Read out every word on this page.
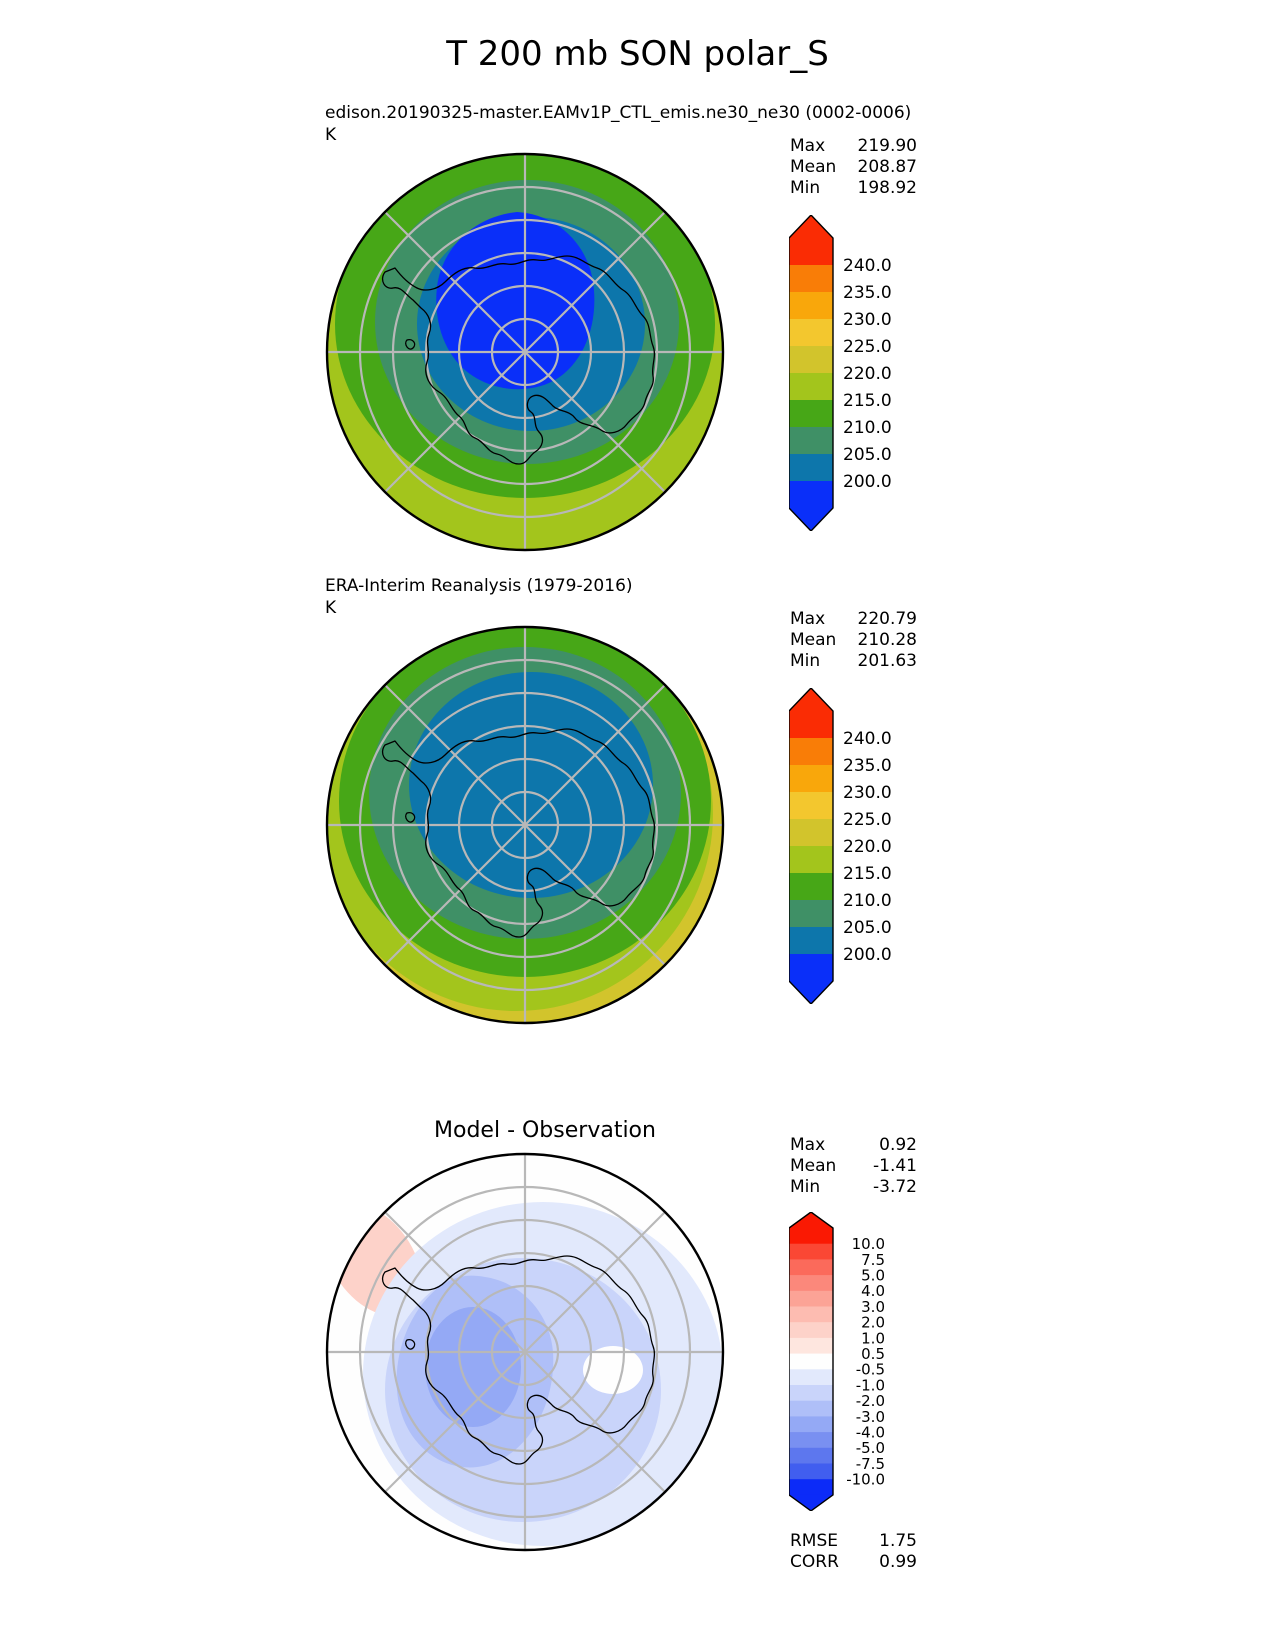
T 200 mb SON polar_S
edison.20190325-master.EAMv1P_CTL_emis.ne30_ne30 (0002-0006)
K
Max 219.90
Mean 208.87
Min 198.92
240.0
235.0
230.0
225.0
220.0
215.0
210.0
205.0
200.0
ERA-Interim Reanalysis (1979-2016)
K
Max 220.79
Mean 210.28
Min 201.63
240.0
235.0
230.0
225.0
220.0
215.0
210.0
205.0
200.0
Model - Observation
Max	0.92
Mean -1.41
Min	-3.72
10.0
7.5
5.0
4.0
3.0
2.0
1.0
0.5
-0.5
-1.0
-2.0
-3.0
-4.0
-5.0
-7.5
-10.0
RMSE 1.75
CORR 0.99
